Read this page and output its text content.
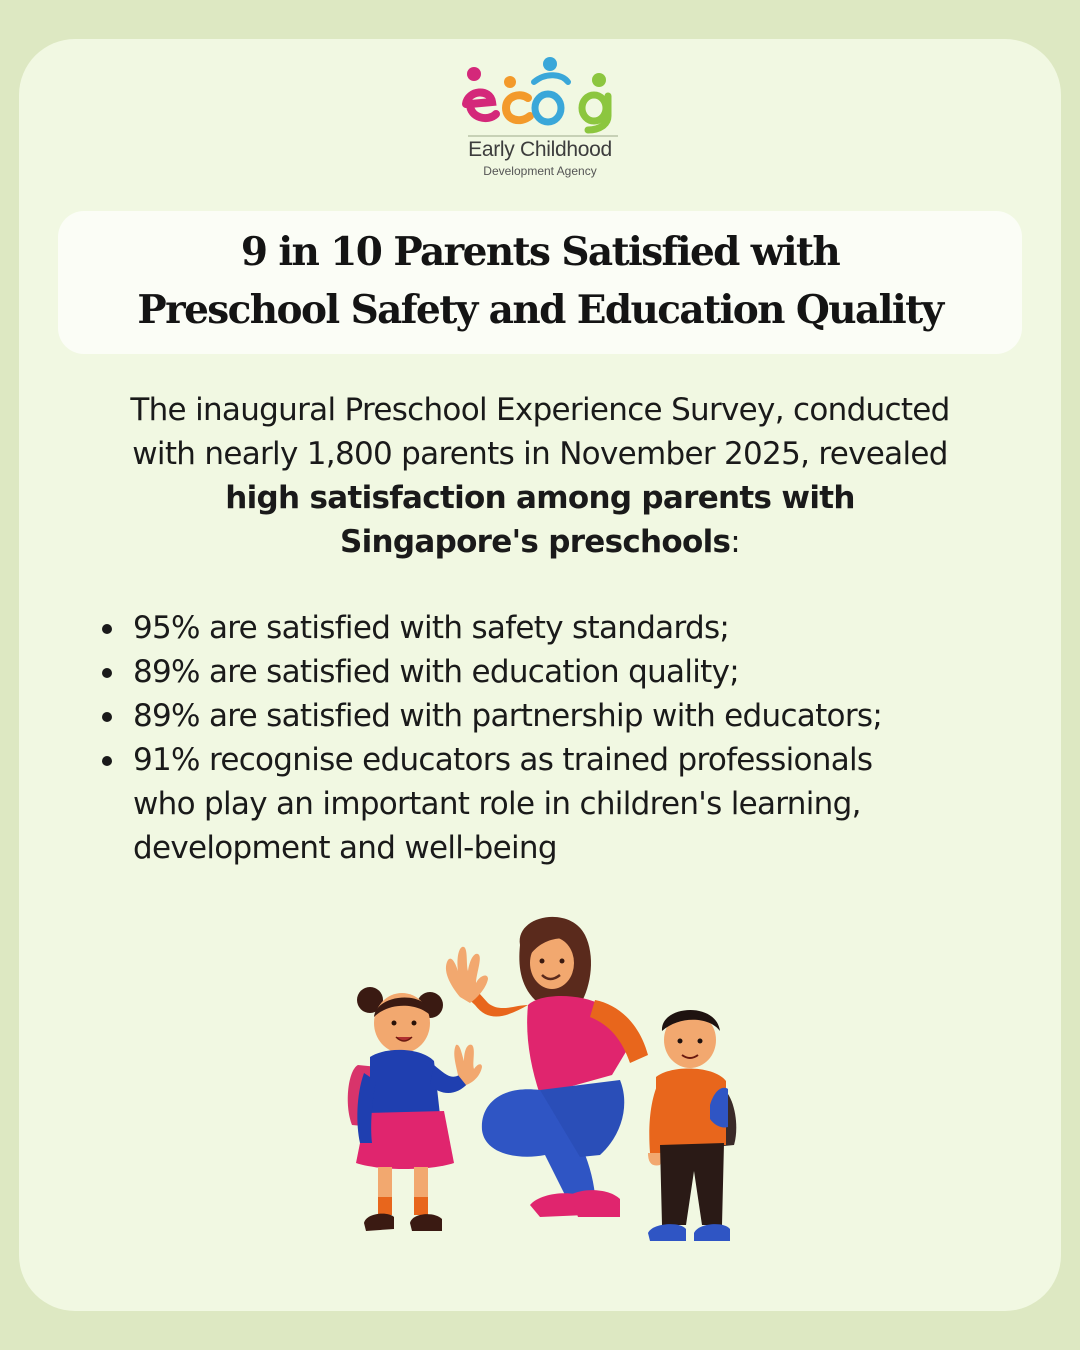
Early Childhood
Development Agency
9 in 10 Parents Satisfied with
Preschool Safety and Education Quality
The inaugural Preschool Experience Survey, conducted
with nearly 1,800 parents in November 2025, revealed
high satisfaction among parents with
Singapore's preschools:
95% are satisfied with safety standards;
89% are satisfied with education quality;
89% are satisfied with partnership with educators;
91% recognise educators as trained professionals
who play an important role in children's learning,
development and well-being
